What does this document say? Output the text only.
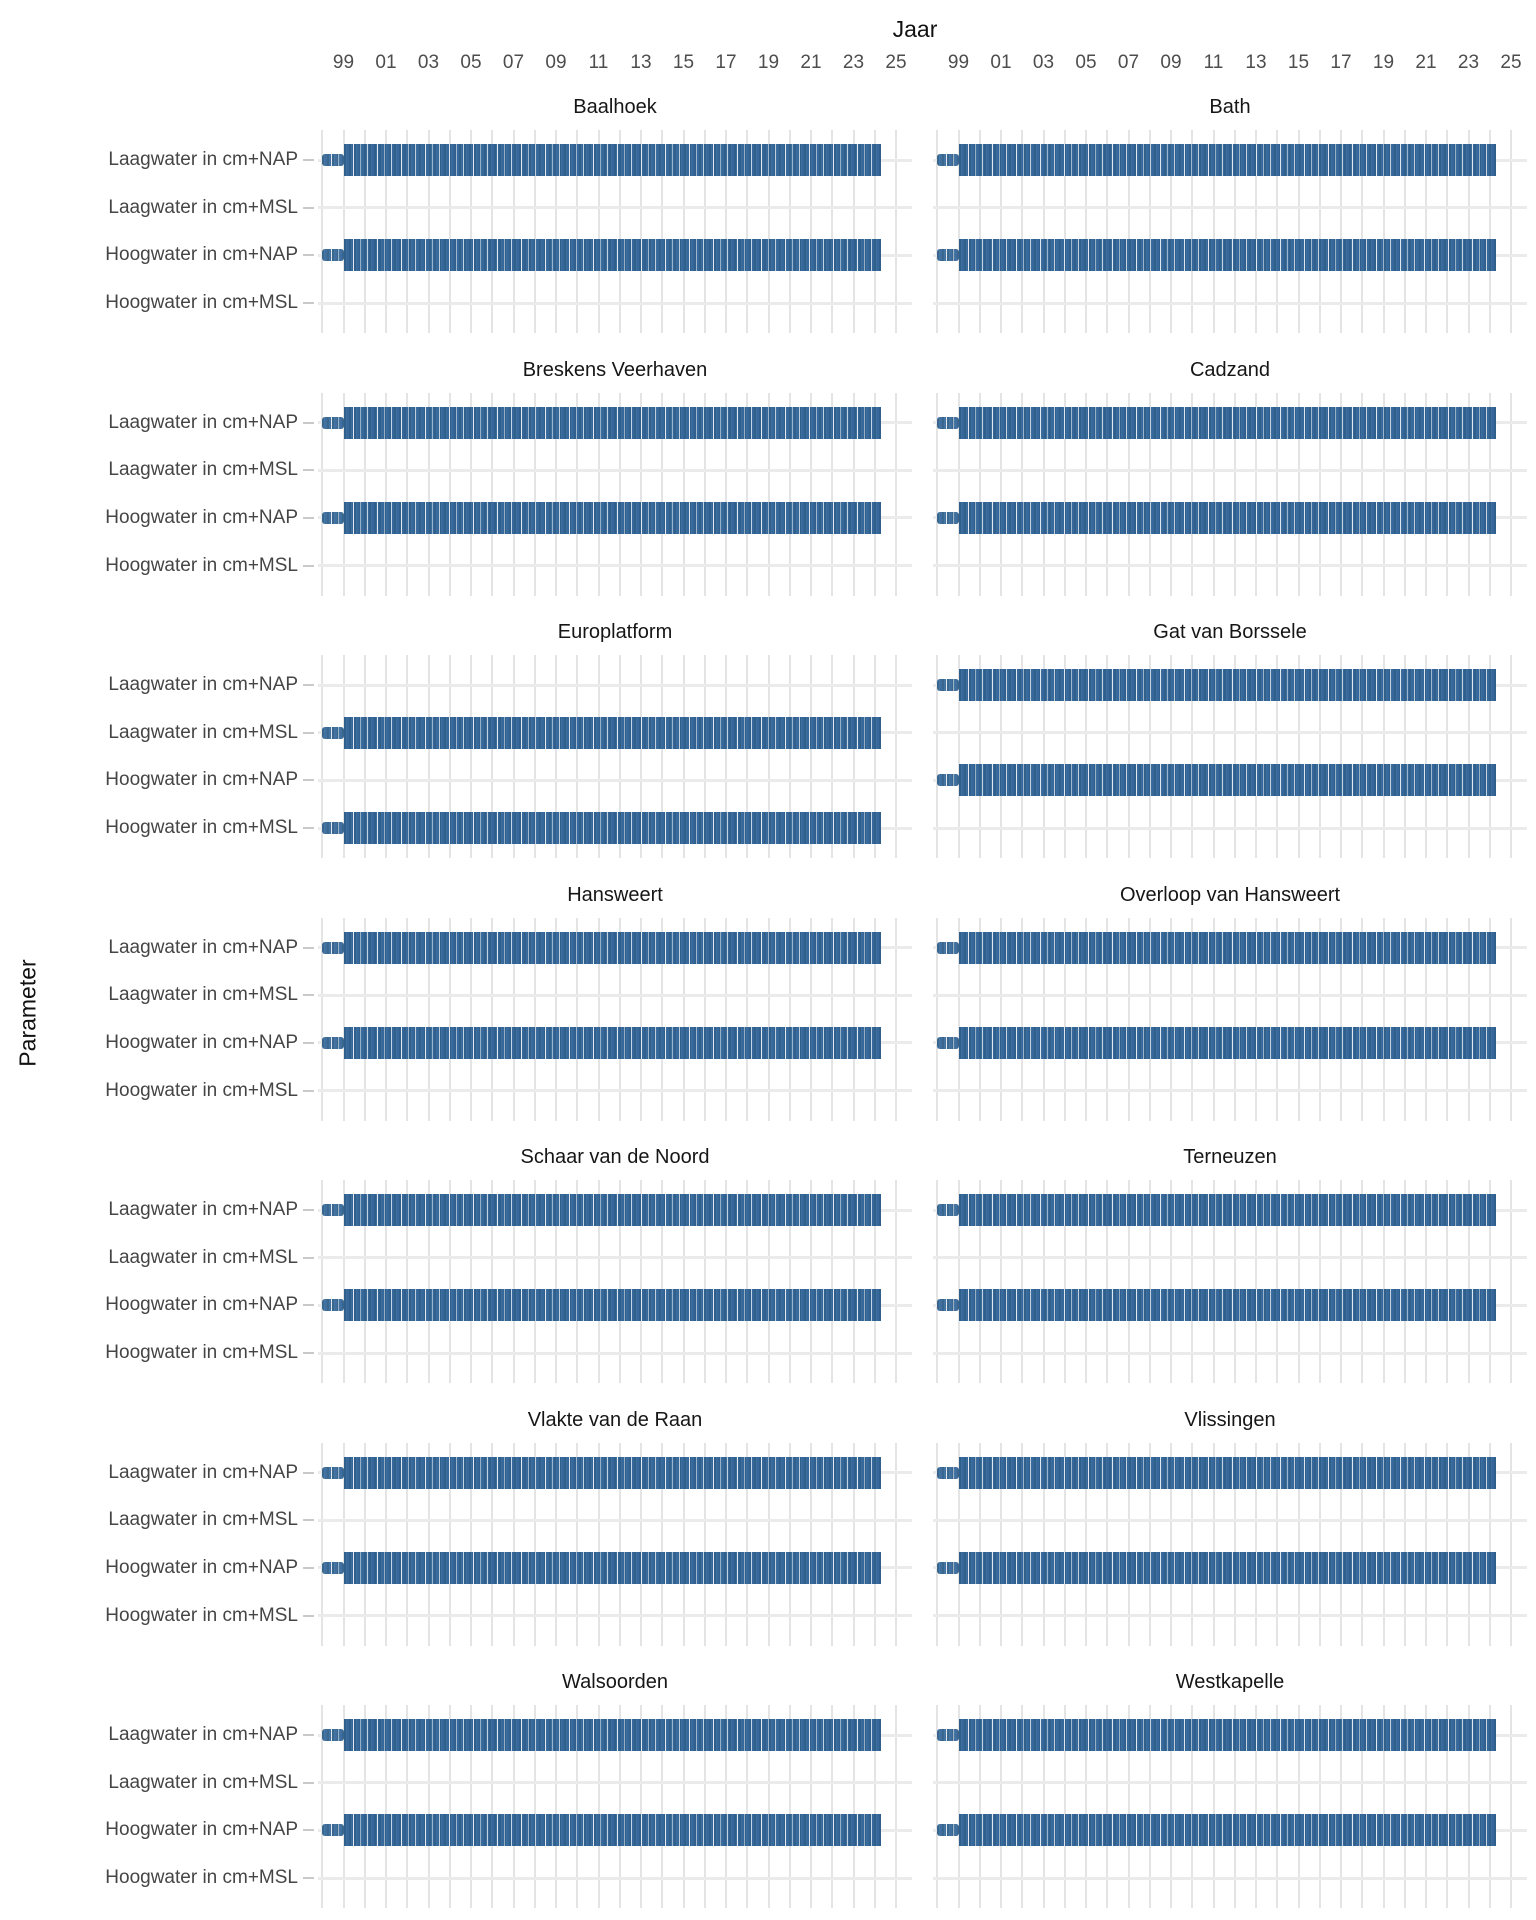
Jaar
Parameter
99 01 03 05 07 09 11 13 15 17 19 21 23 25 99 01 03 05 07 09 11 13 15 17 19 21 23 25
Baalhoek
Laagwater in cm+NAP
Laagwater in cm+MSL
Hoogwater in cm+NAP
Hoogwater in cm+MSL
Bath
Breskens Veerhaven
Laagwater in cm+NAP
Laagwater in cm+MSL
Hoogwater in cm+NAP
Hoogwater in cm+MSL
Cadzand
Europlatform
Laagwater in cm+NAP
Laagwater in cm+MSL
Hoogwater in cm+NAP
Hoogwater in cm+MSL
Gat van Borssele
Hansweert
Laagwater in cm+NAP
Laagwater in cm+MSL
Hoogwater in cm+NAP
Hoogwater in cm+MSL
Overloop van Hansweert
Schaar van de Noord
Laagwater in cm+NAP
Laagwater in cm+MSL
Hoogwater in cm+NAP
Hoogwater in cm+MSL
Terneuzen
Vlakte van de Raan
Laagwater in cm+NAP
Laagwater in cm+MSL
Hoogwater in cm+NAP
Hoogwater in cm+MSL
Vlissingen
Walsoorden
Laagwater in cm+NAP
Laagwater in cm+MSL
Hoogwater in cm+NAP
Hoogwater in cm+MSL
Westkapelle
